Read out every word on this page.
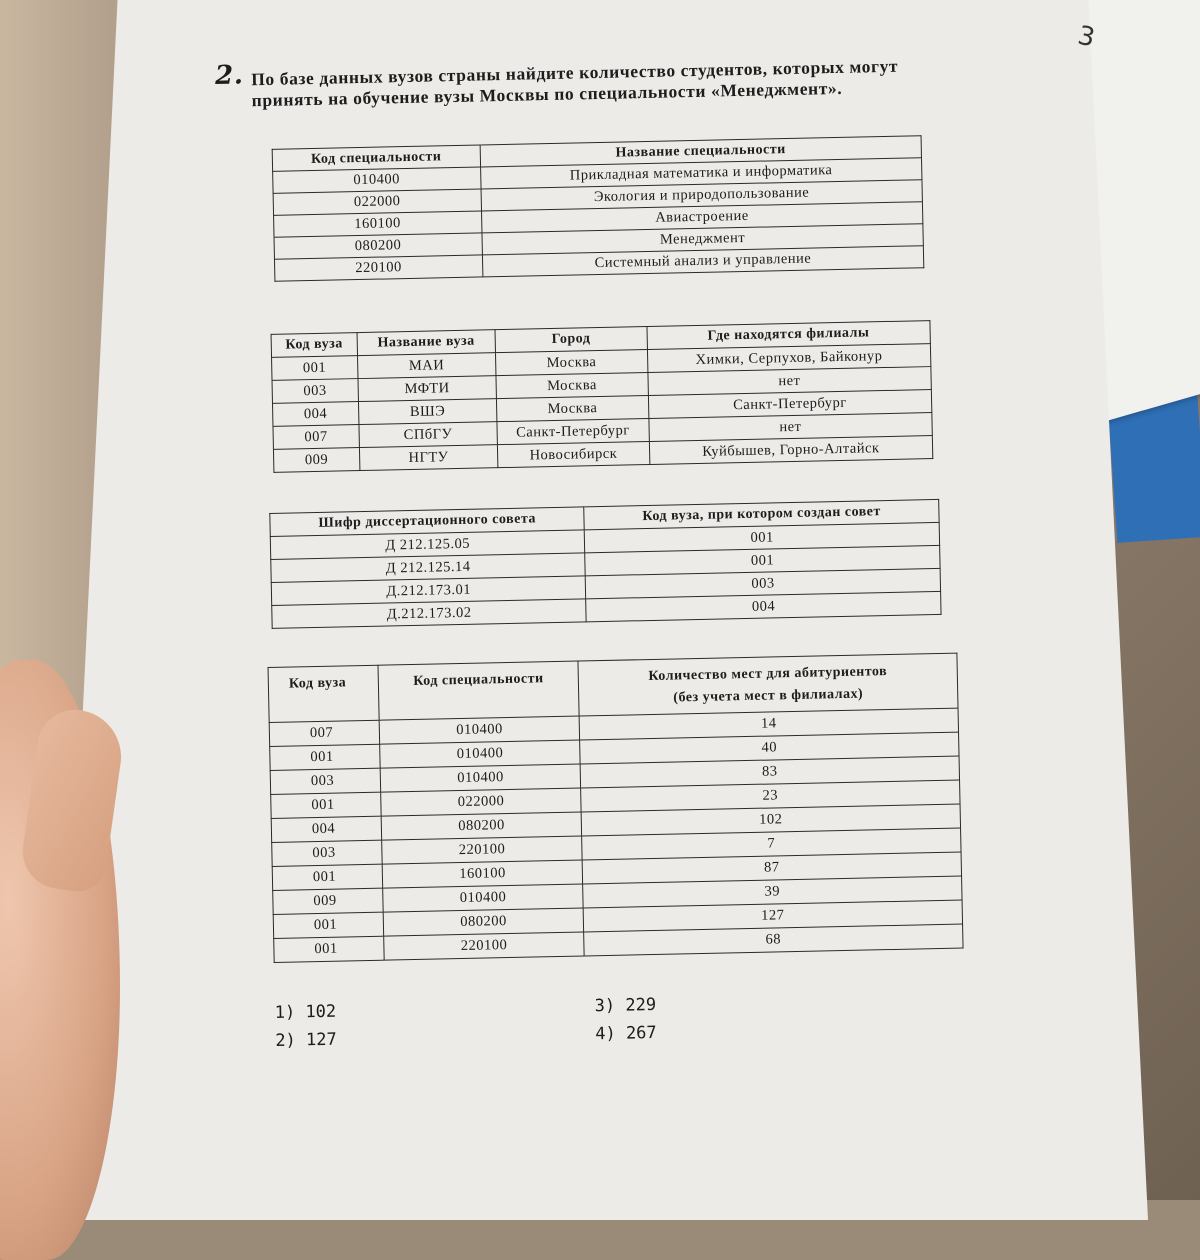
3
2. По базе данных вузов страны найдите количество студентов, которых могут принять на обучение вузы Москвы по специальности «Менеджмент».
Код специальности	Название специальности
010400	Прикладная математика и информатика
022000	Экология и природопользование
160100	Авиастроение
080200	Менеджмент
220100	Системный анализ и управление
Код вуза	Название вуза	Город	Где находятся филиалы
001	МАИ	Москва	Химки, Серпухов, Байконур
003	МФТИ	Москва	нет
004	ВШЭ	Москва	Санкт-Петербург
007	СПбГУ	Санкт-Петербург	нет
009	НГТУ	Новосибирск	Куйбышев, Горно-Алтайск
Шифр диссертационного совета	Код вуза, при котором создан совет
Д 212.125.05	001
Д 212.125.14	001
Д.212.173.01	003
Д.212.173.02	004
Код вуза	Код специальности	Количество мест для абитуриентов
(без учета мест в филиалах)
007	010400	14
001	010400	40
003	010400	83
001	022000	23
004	080200	102
003	220100	7
001	160100	87
009	010400	39
001	080200	127
001	220100	68
1) 102
2) 127
3) 229
4) 267
